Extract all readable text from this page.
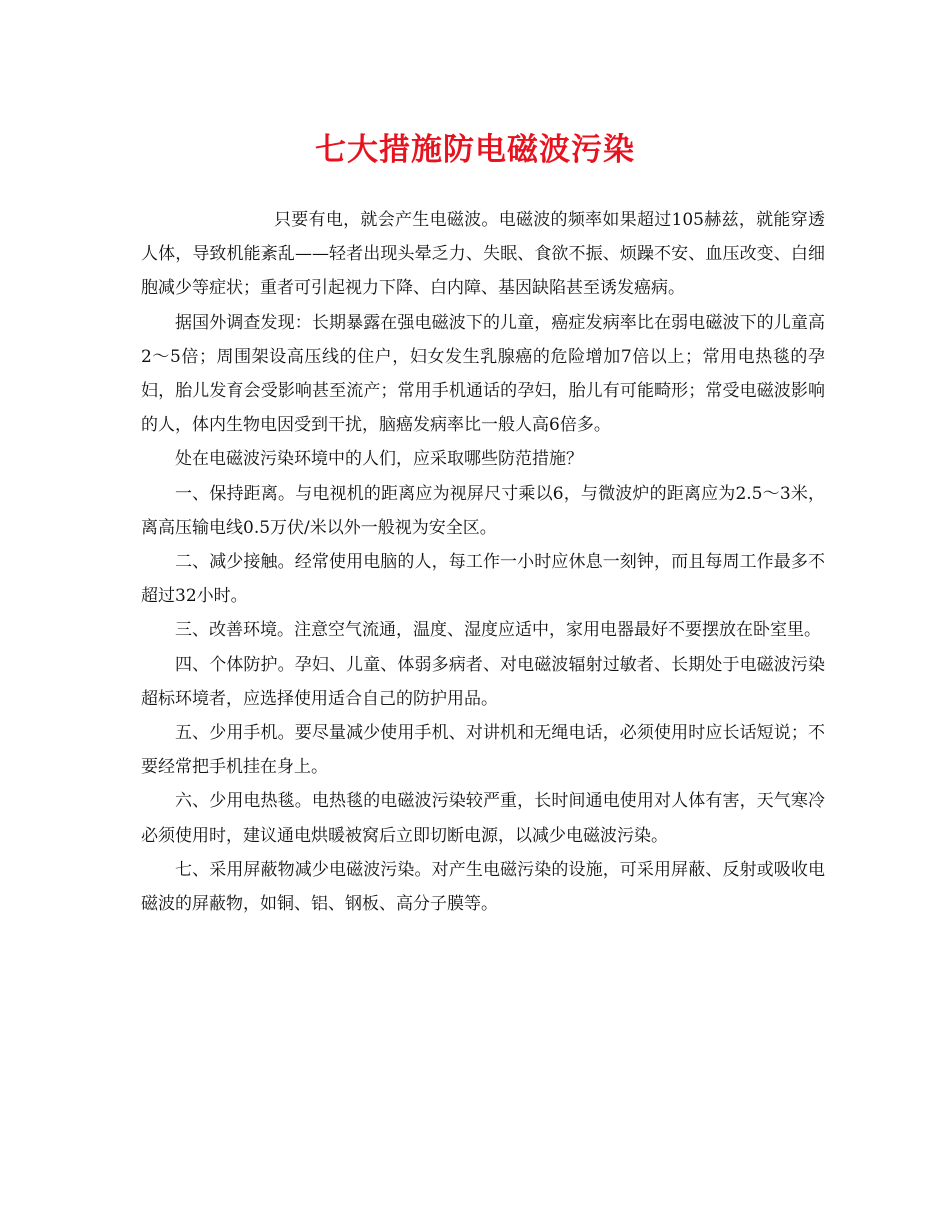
七大措施防电磁波污染

只要有电，就会产生电磁波。电磁波的频率如果超过105赫兹，就能穿透人体，导致机能紊乱——轻者出现头晕乏力、失眠、食欲不振、烦躁不安、血压改变、白细胞减少等症状；重者可引起视力下降、白内障、基因缺陷甚至诱发癌病。

据国外调查发现：长期暴露在强电磁波下的儿童，癌症发病率比在弱电磁波下的儿童高2～5倍；周围架设高压线的住户，妇女发生乳腺癌的危险增加7倍以上；常用电热毯的孕妇，胎儿发育会受影响甚至流产；常用手机通话的孕妇，胎儿有可能畸形；常受电磁波影响的人，体内生物电因受到干扰，脑癌发病率比一般人高6倍多。

处在电磁波污染环境中的人们，应采取哪些防范措施？

一、保持距离。与电视机的距离应为视屏尺寸乘以6，与微波炉的距离应为2.5～3米，离高压输电线0.5万伏/米以外一般视为安全区。

二、减少接触。经常使用电脑的人，每工作一小时应休息一刻钟，而且每周工作最多不超过32小时。

三、改善环境。注意空气流通，温度、湿度应适中，家用电器最好不要摆放在卧室里。

四、个体防护。孕妇、儿童、体弱多病者、对电磁波辐射过敏者、长期处于电磁波污染超标环境者，应选择使用适合自己的防护用品。

五、少用手机。要尽量减少使用手机、对讲机和无绳电话，必须使用时应长话短说；不要经常把手机挂在身上。

六、少用电热毯。电热毯的电磁波污染较严重，长时间通电使用对人体有害，天气寒冷必须使用时，建议通电烘暖被窝后立即切断电源，以减少电磁波污染。

七、采用屏蔽物减少电磁波污染。对产生电磁污染的设施，可采用屏蔽、反射或吸收电磁波的屏蔽物，如铜、铝、钢板、高分子膜等。
